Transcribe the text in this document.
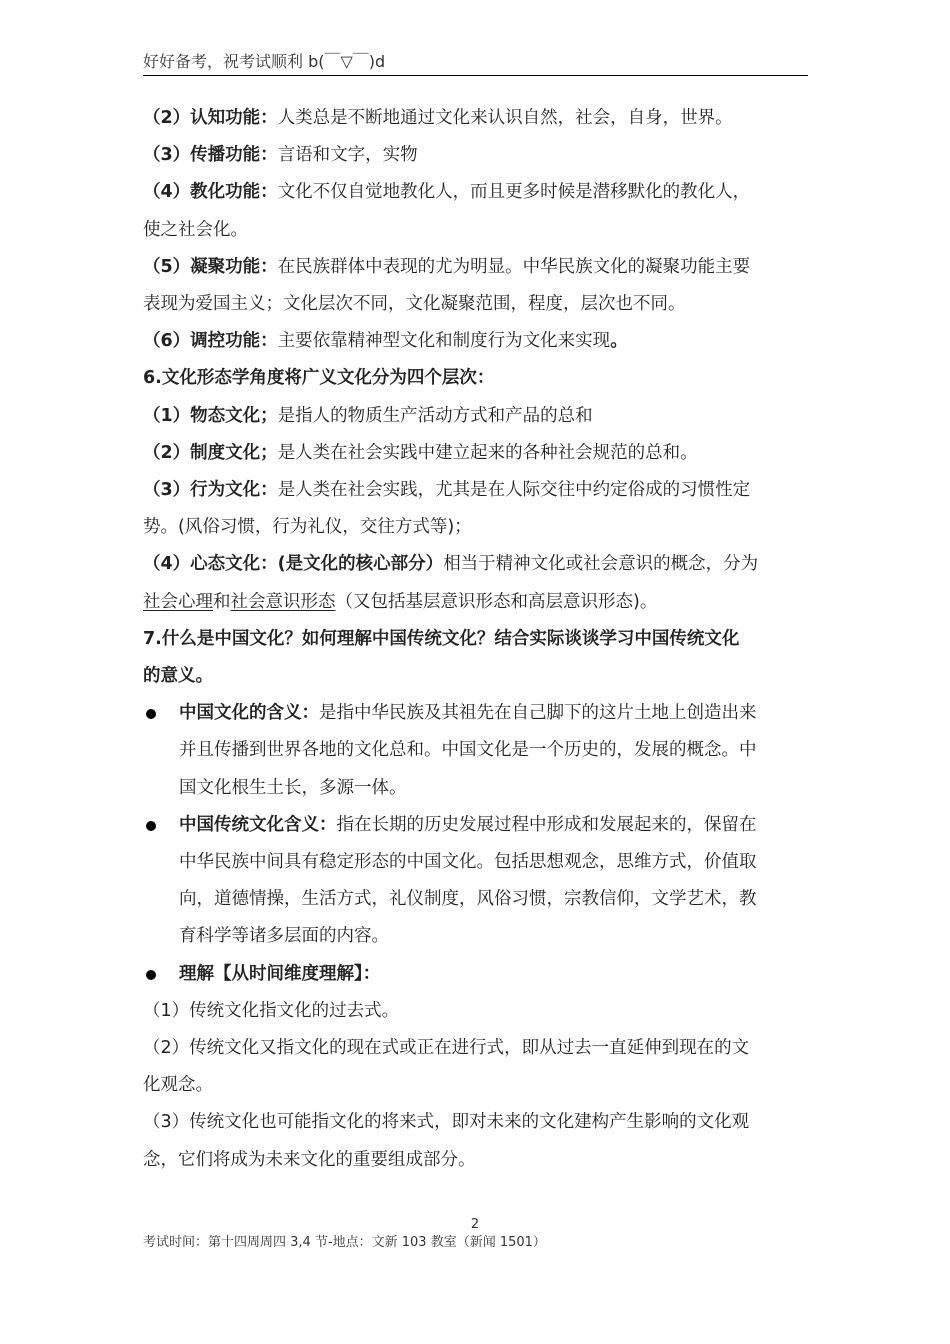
好好备考，祝考试顺利 b(￣▽￣)d

（2）认知功能：人类总是不断地通过文化来认识自然，社会，自身，世界。

（3）传播功能：言语和文字，实物

（4）教化功能：文化不仅自觉地教化人，而且更多时候是潜移默化的教化人，

使之社会化。

（5）凝聚功能：在民族群体中表现的尤为明显。中华民族文化的凝聚功能主要

表现为爱国主义；文化层次不同，文化凝聚范围，程度，层次也不同。

（6）调控功能：主要依靠精神型文化和制度行为文化来实现。

6.文化形态学角度将广义文化分为四个层次：

（1）物态文化；是指人的物质生产活动方式和产品的总和

（2）制度文化；是人类在社会实践中建立起来的各种社会规范的总和。

（3）行为文化：是人类在社会实践，尤其是在人际交往中约定俗成的习惯性定

势。(风俗习惯，行为礼仪，交往方式等)；

（4）心态文化：(是文化的核心部分）相当于精神文化或社会意识的概念，分为

社会心理和社会意识形态（又包括基层意识形态和高层意识形态)。

7.什么是中国文化？如何理解中国传统文化？结合实际谈谈学习中国传统文化

的意义。

中国文化的含义：是指中华民族及其祖先在自己脚下的这片土地上创造出来

并且传播到世界各地的文化总和。中国文化是一个历史的，发展的概念。中

国文化根生土长，多源一体。

中国传统文化含义：指在长期的历史发展过程中形成和发展起来的，保留在

中华民族中间具有稳定形态的中国文化。包括思想观念，思维方式，价值取

向，道德情操，生活方式，礼仪制度，风俗习惯，宗教信仰，文学艺术，教

育科学等诸多层面的内容。

理解【从时间维度理解】：

（1）传统文化指文化的过去式。

（2）传统文化又指文化的现在式或正在进行式，即从过去一直延伸到现在的文

化观念。

（3）传统文化也可能指文化的将来式，即对未来的文化建构产生影响的文化观

念，它们将成为未来文化的重要组成部分。

2
考试时间：第十四周周四 3,4 节-地点：文新 103 教室（新闻 1501）
